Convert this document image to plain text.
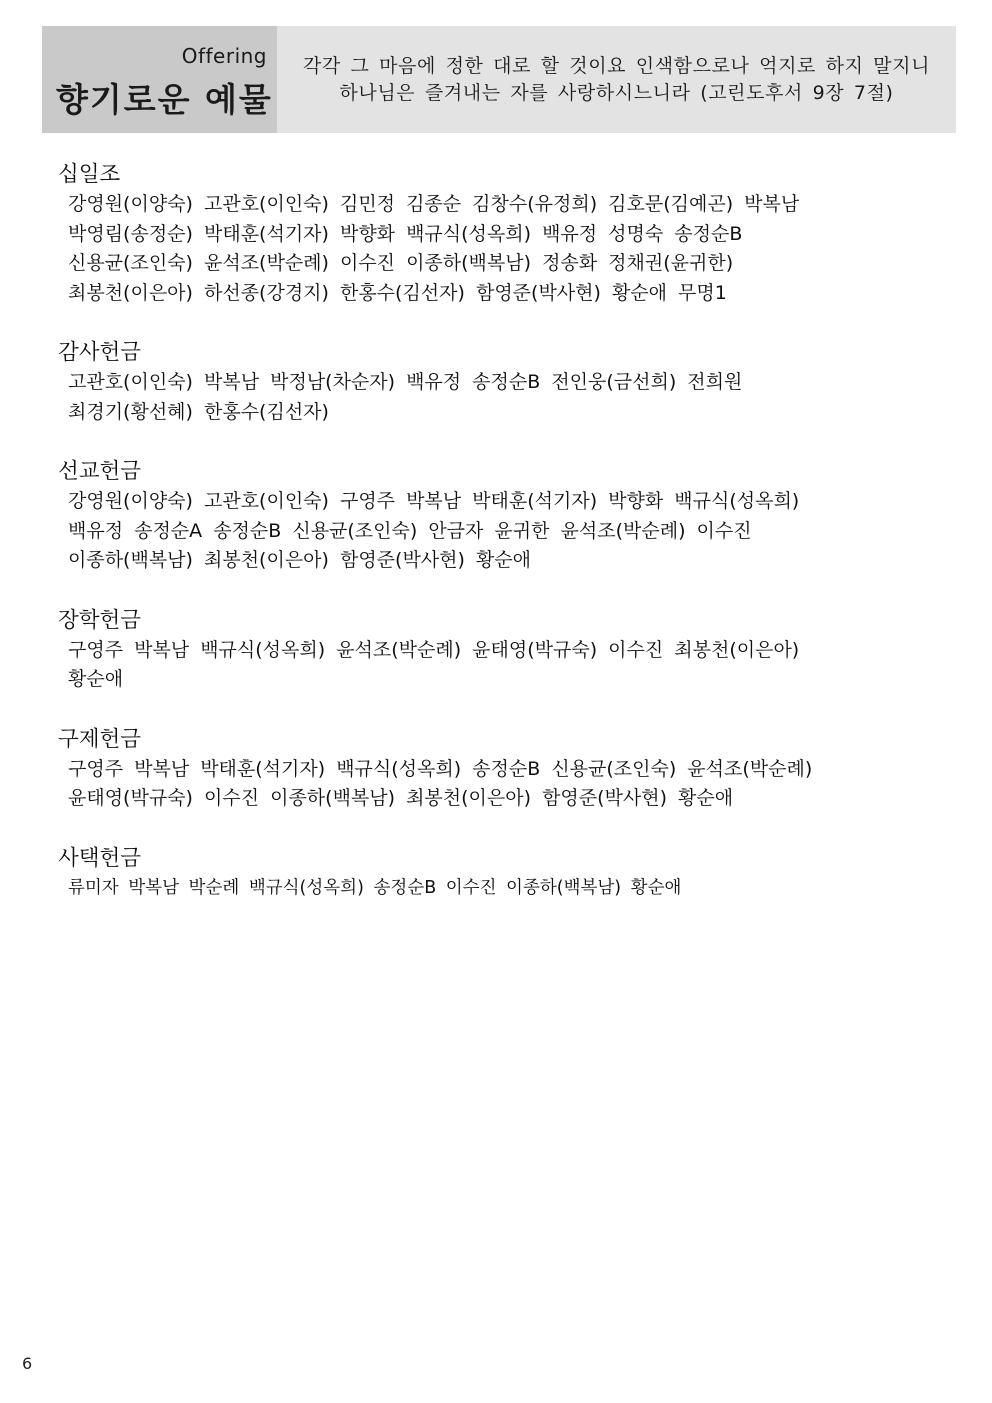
Offering
향기로운 예물
각각 그 마음에 정한 대로 할 것이요 인색함으로나 억지로 하지 말지니
하나님은 즐겨내는 자를 사랑하시느니라 (고린도후서 9장 7절)
십일조
강영원(이양숙) 고관호(이인숙) 김민정 김종순 김창수(유정희) 김호문(김예곤) 박복남
박영림(송정순) 박태훈(석기자) 박향화 백규식(성옥희) 백유정 성명숙 송정순B
신용균(조인숙) 윤석조(박순례) 이수진 이종하(백복남) 정송화 정채권(윤귀한)
최봉천(이은아) 하선종(강경지) 한홍수(김선자) 함영준(박사현) 황순애 무명1
감사헌금
고관호(이인숙) 박복남 박정남(차순자) 백유정 송정순B 전인웅(금선희) 전희원
최경기(황선혜) 한홍수(김선자)
선교헌금
강영원(이양숙) 고관호(이인숙) 구영주 박복남 박태훈(석기자) 박향화 백규식(성옥희)
백유정 송정순A 송정순B 신용균(조인숙) 안금자 윤귀한 윤석조(박순례) 이수진
이종하(백복남) 최봉천(이은아) 함영준(박사현) 황순애
장학헌금
구영주 박복남 백규식(성옥희) 윤석조(박순례) 윤태영(박규숙) 이수진 최봉천(이은아)
황순애
구제헌금
구영주 박복남 박태훈(석기자) 백규식(성옥희) 송정순B 신용균(조인숙) 윤석조(박순례)
윤태영(박규숙) 이수진 이종하(백복남) 최봉천(이은아) 함영준(박사현) 황순애
사택헌금
류미자 박복남 박순례 백규식(성옥희) 송정순B 이수진 이종하(백복남) 황순애
6
